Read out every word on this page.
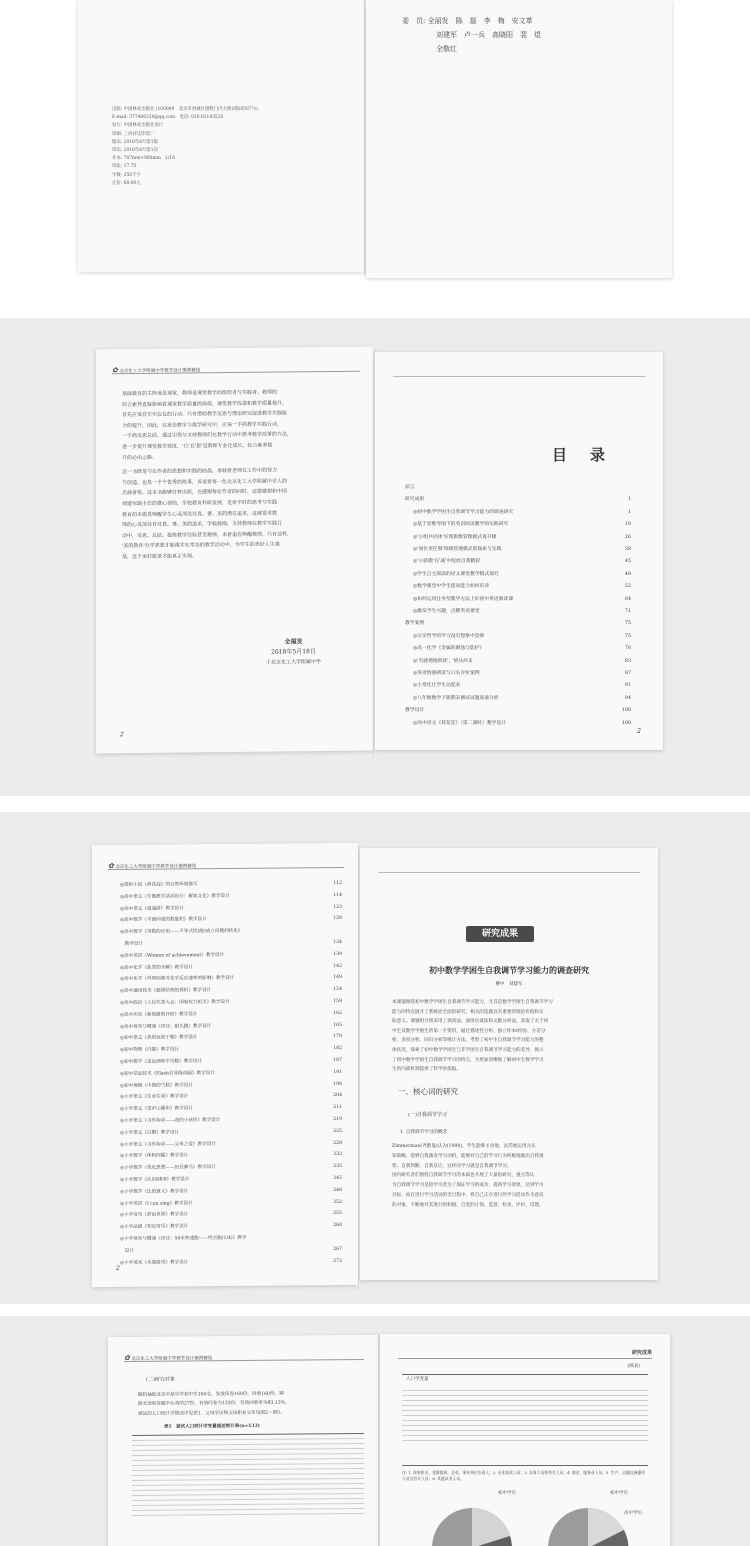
出版: 中国林业出版社 (100009　北京市西城区德胜门内大街刘海胡同7号)
E-mail: 377406220@qq.com　电话: 010-83143520
发行: 中国林业出版社发行
印刷: 三河祥达印装厂
版次: 2018年8月第1版
印次: 2018年8月第1次
开本: 787mm×960mm　1/16
印张: 17.75
字数: 350千字
定价: 68.00元
委　员: 全丽发　陈　磊　李　梅　安文革
刘建军　卢一兵　高晓阳　裴　煜
全敬红
✿ 北京化工大学附属中学教学设计案例精选
基础教育的主阵地是课堂，教师是课堂教学的组织者与实践者。教师的
综合素养直接影响着课堂教学质量的高低，课堂教学改进和教学质量提升，
首先应该有实实在在的行动。只有借助教学反思与理论研究促进教学实践能
力的提升，因此，在常态教学与教学研究中，应该一手抓教学实践行动，
一手抓反思总结，通过引领与支持教师们在教学行动中思考教学改革的方法，
进一步提升课堂教学效度，'行'且'思'是教师专业化成长，综合素养提
升的必由之路。
这一书既是与在作者的思想和实践的结晶，承载着老师在工作中的努力
与创造，也是一个个优秀的故事，诉说着每一位北京化工大学附属中学人的
点滴喜悦。这本书能够付梓出版，在感谢每位作者的同时，还要感谢和中国
刘建军副主任的费心帮助，学校教育科研发展，是将平时的思考与实践
教育的本质是唤醒学生心灵深处对真、善、美的潜在追求，这就要求教
师的心灵深处有对真、善、美的追求，学校鼓励，支持教师在教学实践行
动中，反思、总结、提炼教学经验甚至规律，本着追在唤醒教师，只有这样，
'美的教育'办学思想才能落实在常态的教学活动中，为学生的美好人生奠
基，这个美好愿景才能真正实现。
全福发
2018年5月18日
于北京化工大学附属中学
2
目　录
前言
研究成果	1
◎初中数学学困生自我调节学习能力的调查研究	1
◎基于思维导图下的英语阅读教学的实践研究	18
◎'小组共同体'实现班级管理模式再升级	26
◎'岗位责任制'班级管理模式的探索与实践	38
◎'小骄傲'在'减'中绽放自我精彩	45
◎学生自主阅读的语文课堂教学模式探究	48
◎数学课堂中学生提问能力如何培养	52
◎如何运用任务型教学方法上好初中英语阅读课	64
◎激发学生兴趣，点燃英语课堂	71
教学案例	75
◎宗亲哲学的学习没有想象中恐怖	75
◎高一化学《金属的腐蚀与防护》	78
◎'有感情地朗读'，情从何来	83
◎英语情感朗读与口头评价案例	87
◎小变化让学生动起来	91
◎八年级数学下册期末测试试题质量分析	94
教学设计	108
◎高中语文《荷花淀》（第二课时）教学设计	108
2
✿ 北京化工大学附属中学教学设计案例精选
◎赏析小说《荷花淀》的自然环境描写	112
◎高中语文《专题教学活动设计：解客文化》教学设计	114
◎高中语文《逍遥游》教学设计	123
◎高中数学《平面向量的数量积》教学设计	128
◎高中数学《导数的应用——不等式恒(能)成立问题的转化》
　教学设计	134
◎高中英语《Women of achievement》教学设计	139
◎高中化学《盐类的水解》教学设计	142
◎高中化学《外界因素对化学反应速率的影响》教学设计	149
◎高中通用技术《稳固结构的探析》教学设计	154
◎高中政治《人民代表大会：国家权力机关》教学设计	159
◎高中历史《新航路的开辟》教学设计	162
◎高中体育与健康《田径：耐久跑》教学设计	165
◎初中语文《我的叔叔于勒》教学设计	170
◎初中物理《内能》教学设计	182
◎初中数学《走近调和平均数》教学设计	187
◎初中信息技术《Flash引导线动画》教学设计	191
◎初中地理《中国的气候》教学设计	198
◎小学语文《生命生命》教学设计	204
◎小学语文《望庐山瀑布》教学设计	211
◎小学语文《习作指导——我的小伙伴》教学设计	219
◎小学语文《白鹅》教学设计	225
◎小学语文《习作指导——父母之爱》教学设计	228
◎小学数学《体积问题》教学设计	232
◎小学数学《优化思想——田忌赛马》教学设计	235
◎小学数学《认识8和9》教学设计	245
◎小学数学《比的意义》教学设计	248
◎小学英语《I can sing》教学设计	252
◎小学音乐《彩色世界》教学设计	255
◎小学品德《知足常乐》教学设计	260
◎小学体育与健康《田径：50米快速跑——终点跑(1/4)》教学
　设计	267
◎小学美术《水墨游戏》教学设计	272
2
研究成果
初中数学学困生自我调节学习能力的调查研究
柳中　刘建军
本课题围绕初中数学学困生自我调节学习能力，尤其是数学学困生自我调节学习
能力的特点展开了系统而全面的研究，相关的选题具有重要的理论价值和实
际意义。课题组分别采用了调查法、深度访谈法和文献分析法，获取了关于初
中生及数学学困生的第一手资料，通过描述性分析、独立样本t检验、方差分
析、多因分析、回归分析等统计方法，考察了初中生自我调节学习能力的整
体状况，探索了初中数学学困生与非学困生自我调节学习能力的差异，揭示
了初中数学学困生自我调节学习的特点，为更加清晰地了解初中生数学学习
生的内部机制提供了科学的依据。
一、核心词的研究
(一)自我调节学习
1. 自我调节学习的概念
Zimmerman(齐默曼)认为(1990)，学生能够主动地、灵活地运用元认
知策略，能够自我激发学习动机，能够对自己的学习行为积极地做出自我观
察、自我判断、自我反应，这样的学习就是自我调节学习。
国内研究者们围绕自我调节学习的本质也开展了大量的研究，重点等认
为自我调节学习是指学习者为了保证学习的成功，提高学习效果，达到学习
目标，而在进行学习活动的全过程中，将自己正在进行的学习活动作为意识
的对象，不断地对其进行的积极、自觉的计划、监督、检查、评价、反馈、
✿ 北京化工大学附属中学教学设计案例精选
(二)研究对象
随机抽取北京市某中学初中生160名，发放问卷160份，回收160份，剔
除无效和答题不认真的27份，有效问卷为133份，有效回收率为83.13%，
被试的人口统计学情况详见表1，父母学历和父母职业分布见图2～图5。
表1　被试人口统计学变量描述统计表(n=133)
研究成果
(续表)
人口学变量
注: 1. 按家机关、党群组织、企业、事业单位负责人；2. 专业技术人员；3. 办事人员和有关人员；4. 商业、服务业人员；5. 生产、运输设备操作人员及有关人员；6. 其他从业人员。
初中学历	初中学历
高中学历
